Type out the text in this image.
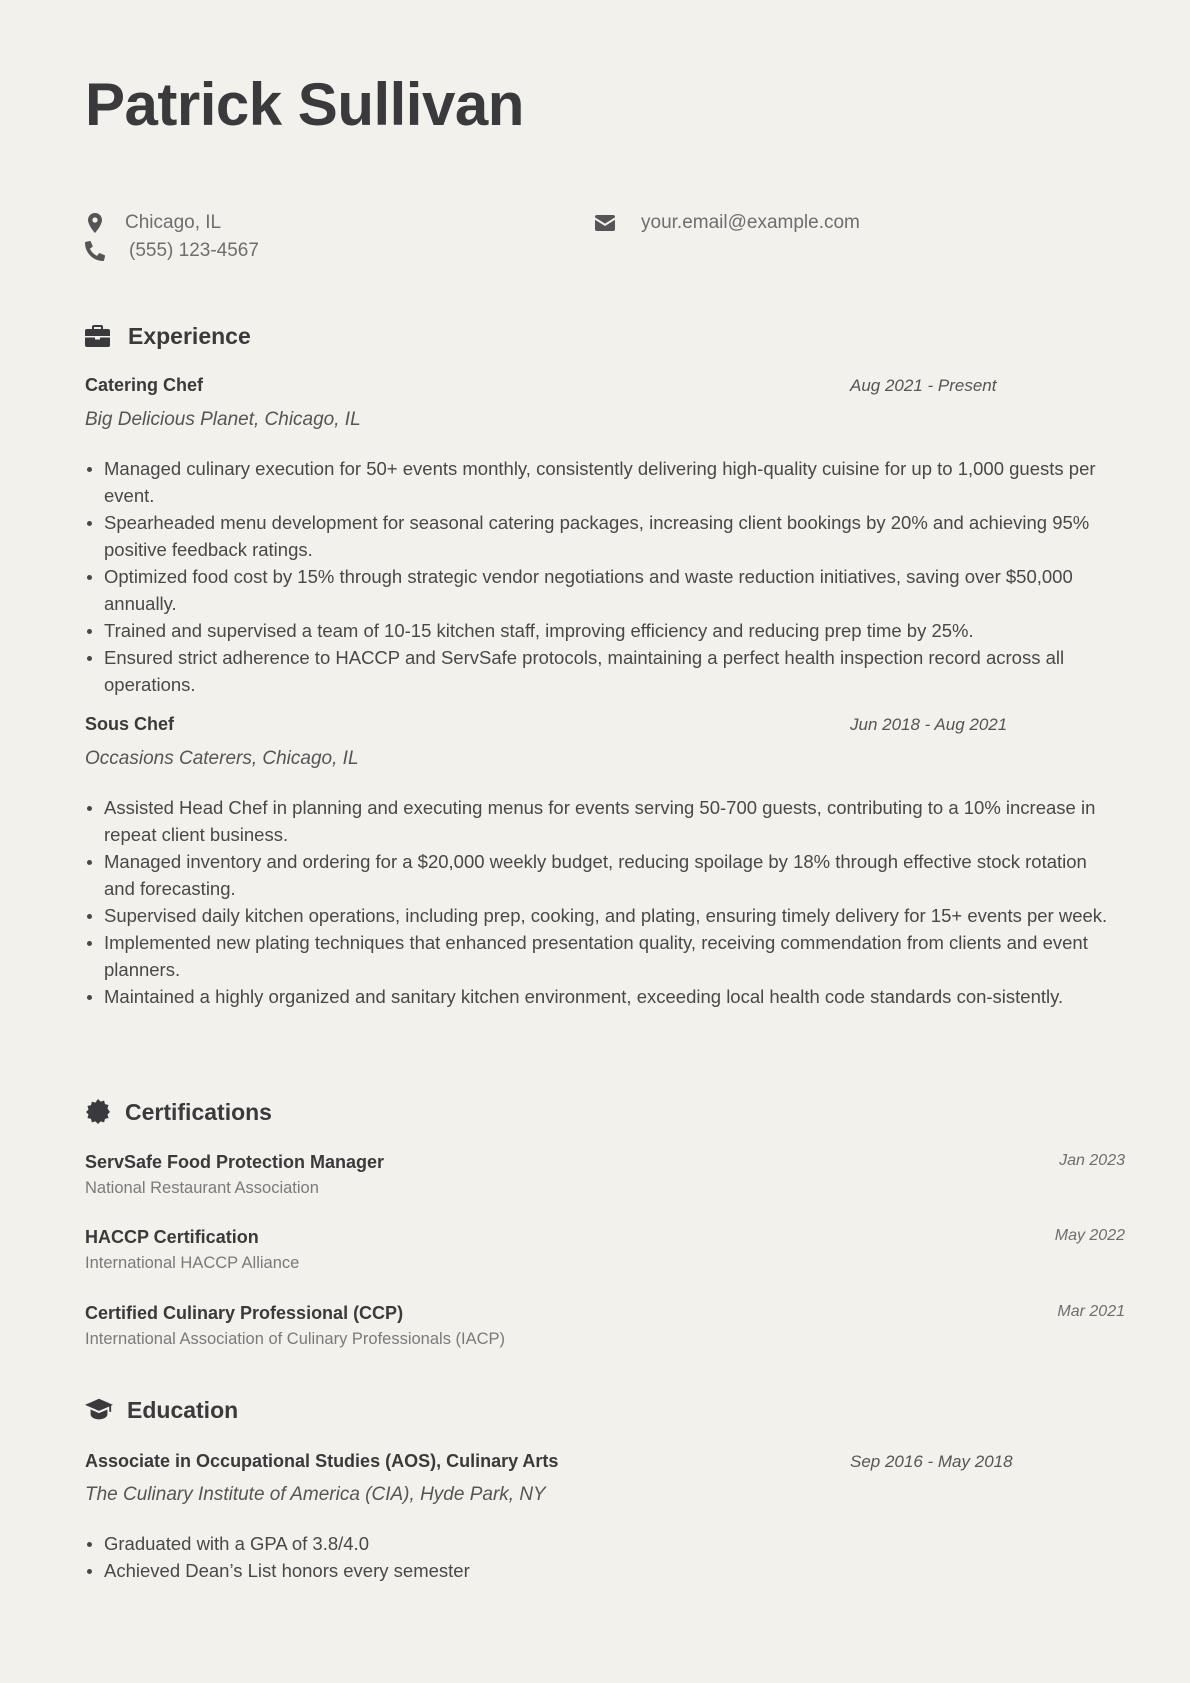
Patrick Sullivan
Chicago, IL
(555) 123-4567
your.email@example.com
Experience
Catering Chef	Aug 2021 - Present
Big Delicious Planet, Chicago, IL
Managed culinary execution for 50+ events monthly, consistently delivering high-quality cuisine for up to 1,000 guests per event.
Spearheaded menu development for seasonal catering packages, increasing client bookings by 20% and achieving 95% positive feedback ratings.
Optimized food cost by 15% through strategic vendor negotiations and waste reduction initiatives, saving over $50,000 annually.
Trained and supervised a team of 10-15 kitchen staff, improving efficiency and reducing prep time by 25%.
Ensured strict adherence to HACCP and ServSafe protocols, maintaining a perfect health inspection record across all operations.
Sous Chef	Jun 2018 - Aug 2021
Occasions Caterers, Chicago, IL
Assisted Head Chef in planning and executing menus for events serving 50-700 guests, contributing to a 10% increase in repeat client business.
Managed inventory and ordering for a $20,000 weekly budget, reducing spoilage by 18% through effective stock rotation and forecasting.
Supervised daily kitchen operations, including prep, cooking, and plating, ensuring timely delivery for 15+ events per week.
Implemented new plating techniques that enhanced presentation quality, receiving commendation from clients and event planners.
Maintained a highly organized and sanitary kitchen environment, exceeding local health code standards con-sistently.
Certifications
ServSafe Food Protection Manager
National Restaurant Association
Jan 2023
HACCP Certification
International HACCP Alliance
May 2022
Certified Culinary Professional (CCP)
International Association of Culinary Professionals (IACP)
Mar 2021
Education
Associate in Occupational Studies (AOS), Culinary Arts	Sep 2016 - May 2018
The Culinary Institute of America (CIA), Hyde Park, NY
Graduated with a GPA of 3.8/4.0
Achieved Dean’s List honors every semester
